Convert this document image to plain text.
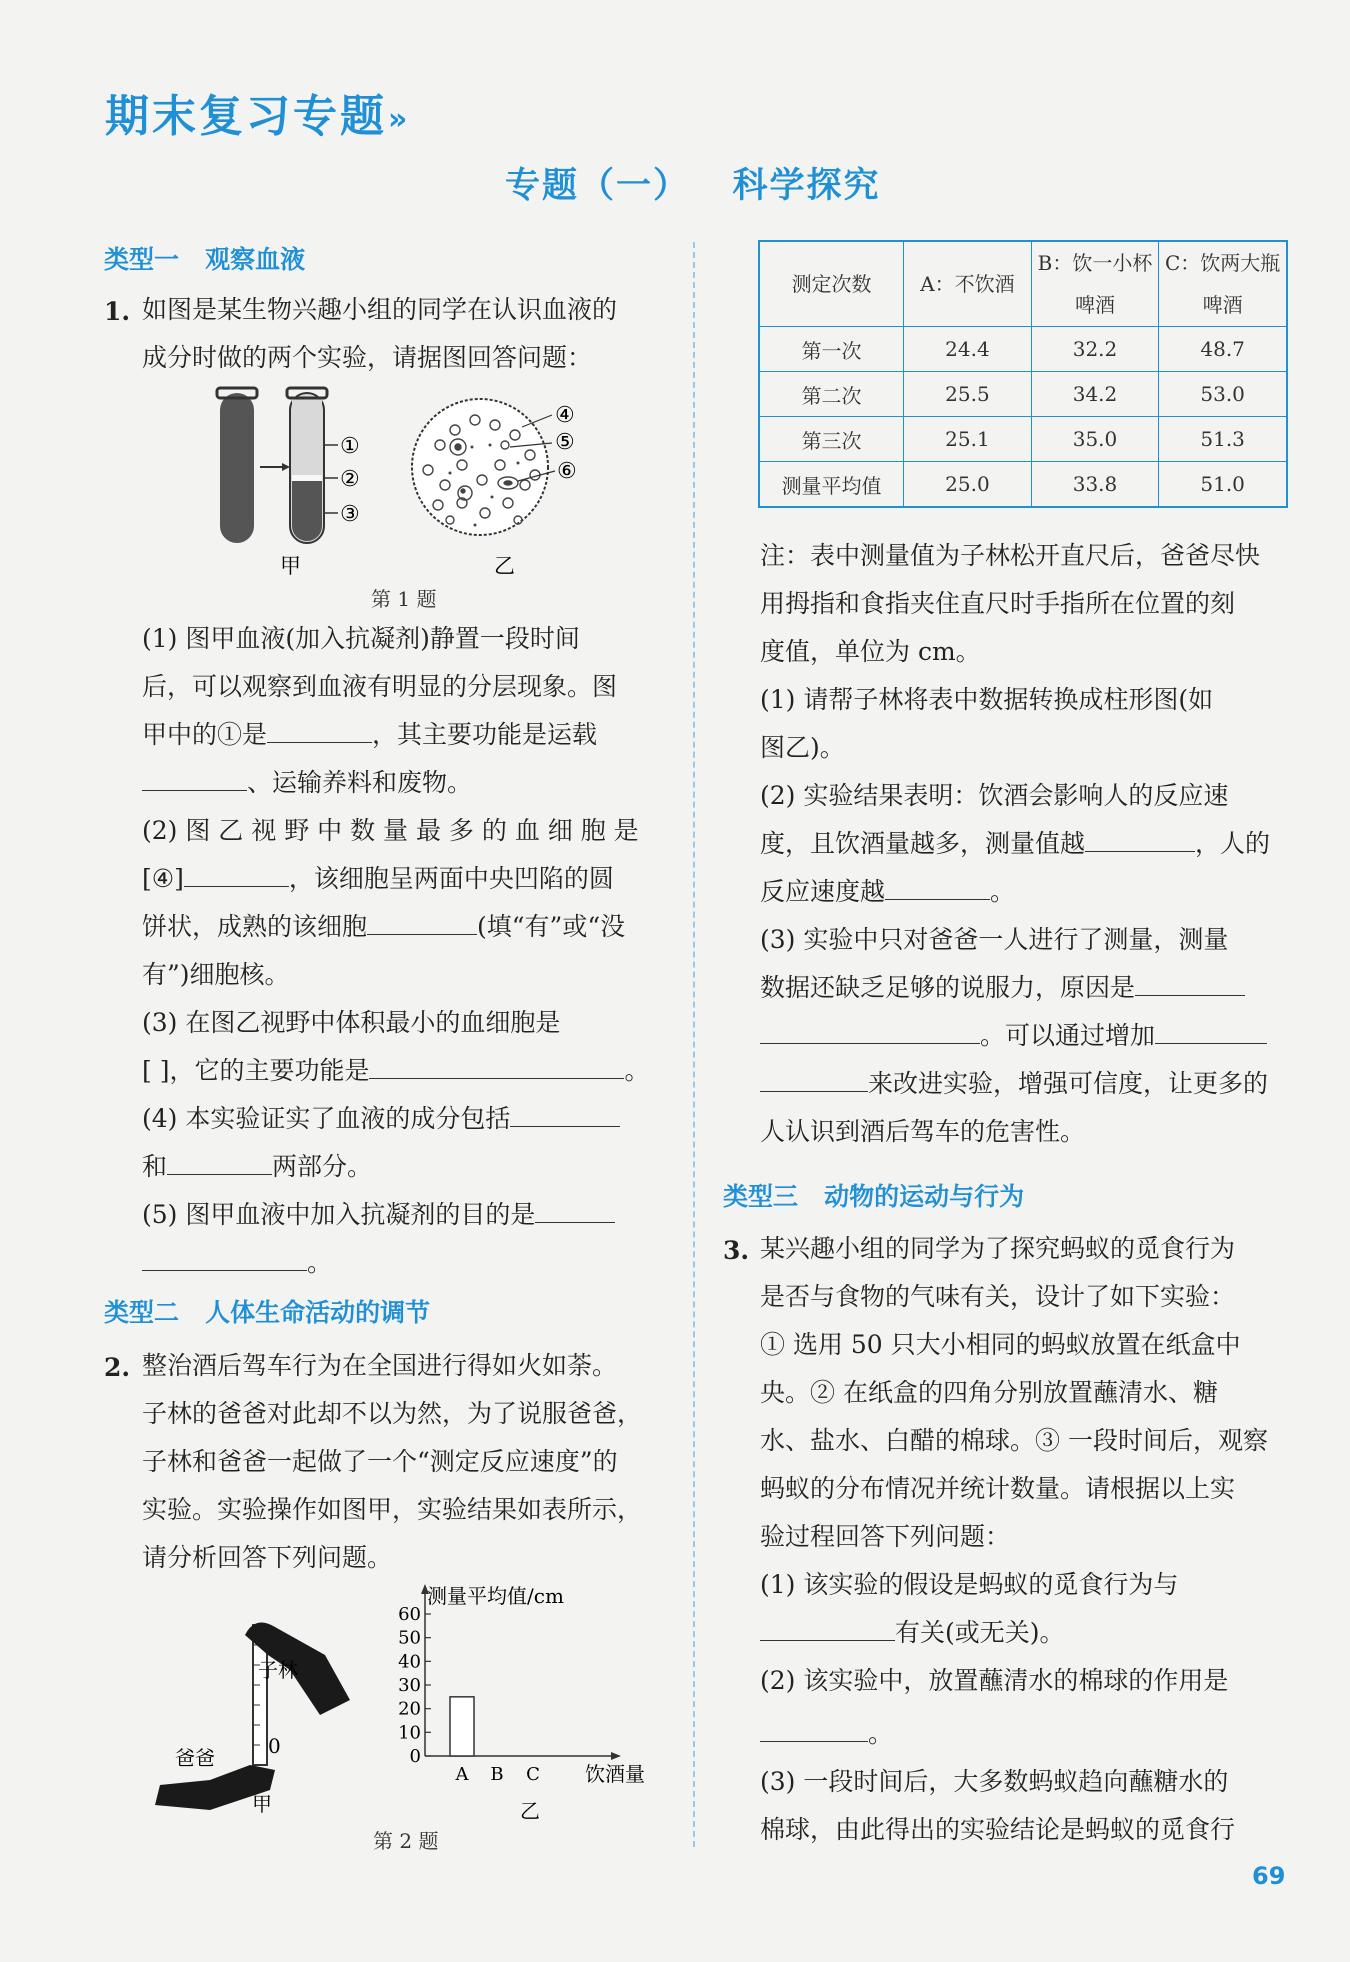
期末复习专题 »
专题（一）   科学探究
类型一   观察血液
1. 如图是某生物兴趣小组的同学在认识血液的
成分时做的两个实验，请据图回答问题：
①
②
③
甲
④
⑤
⑥
乙
第 1 题
(1) 图甲血液(加入抗凝剂)静置一段时间
后，可以观察到血液有明显的分层现象。图
甲中的①是	，其主要功能是运载
、运输养料和废物。
(2) 图 乙 视 野 中 数 量 最 多 的 血 细 胞 是
[④]	，该细胞呈两面中央凹陷的圆
饼状，成熟的该细胞	(填“有”或“没
有”)细胞核。
(3) 在图乙视野中体积最小的血细胞是
[ ]，它的主要功能是	。
(4) 本实验证实了血液的成分包括
和	两部分。
(5) 图甲血液中加入抗凝剂的目的是
。
类型二   人体生命活动的调节
2. 整治酒后驾车行为在全国进行得如火如荼。
子林的爸爸对此却不以为然，为了说服爸爸，
子林和爸爸一起做了一个“测定反应速度”的
实验。实验操作如图甲，实验结果如表所示，
请分析回答下列问题。
子林
爸爸	0
甲
测量平均值/cm
饮酒量
乙
0
10
20
30
40
50
60
A B C
第 2 题
测定次数	A：不饮酒	B：饮一小杯啤酒	C：饮两大瓶啤酒
第一次	24.4	32.2	48.7
第二次	25.5	34.2	53.0
第三次	25.1	35.0	51.3
测量平均值	25.0	33.8	51.0
注：表中测量值为子林松开直尺后，爸爸尽快
用拇指和食指夹住直尺时手指所在位置的刻
度值，单位为 cm。
(1) 请帮子林将表中数据转换成柱形图(如
图乙)。
(2) 实验结果表明：饮酒会影响人的反应速
度，且饮酒量越多，测量值越	，人的
反应速度越	。
(3) 实验中只对爸爸一人进行了测量，测量
数据还缺乏足够的说服力，原因是
。可以通过增加
来改进实验，增强可信度，让更多的
人认识到酒后驾车的危害性。
类型三   动物的运动与行为
3. 某兴趣小组的同学为了探究蚂蚁的觅食行为
是否与食物的气味有关，设计了如下实验：
① 选用 50 只大小相同的蚂蚁放置在纸盒中
央。② 在纸盒的四角分别放置蘸清水、糖
水、盐水、白醋的棉球。③ 一段时间后，观察
蚂蚁的分布情况并统计数量。请根据以上实
验过程回答下列问题：
(1) 该实验的假设是蚂蚁的觅食行为与
有关(或无关)。
(2) 该实验中，放置蘸清水的棉球的作用是
。
(3) 一段时间后，大多数蚂蚁趋向蘸糖水的
棉球，由此得出的实验结论是蚂蚁的觅食行
69
